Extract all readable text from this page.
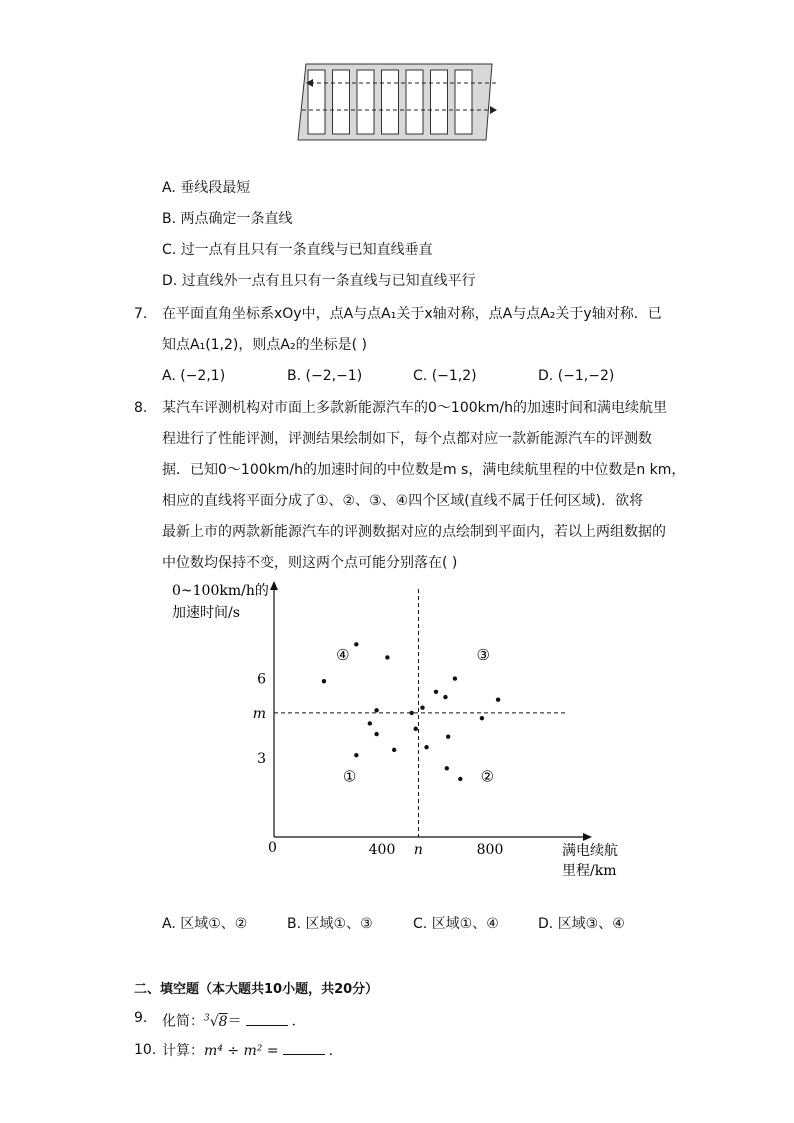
A. 垂线段最短
B. 两点确定一条直线
C. 过一点有且只有一条直线与已知直线垂直
D. 过直线外一点有且只有一条直线与已知直线平行
7. 在平面直角坐标系xOy中，点A与点A₁关于x轴对称，点A与点A₂关于y轴对称．已
知点A₁(1,2)，则点A₂的坐标是( )
A. (−2,1)	B. (−2,−1)	C. (−1,2)	D. (−1,−2)
8. 某汽车评测机构对市面上多款新能源汽车的0～100km/h的加速时间和满电续航里
程进行了性能评测，评测结果绘制如下，每个点都对应一款新能源汽车的评测数
据．已知0～100km/h的加速时间的中位数是m s，满电续航里程的中位数是n km，
相应的直线将平面分成了①、②、③、④四个区域(直线不属于任何区域)．欲将
最新上市的两款新能源汽车的评测数据对应的点绘制到平面内，若以上两组数据的
中位数均保持不变，则这两个点可能分别落在( )
0~100km/h的
加速时间/s
满电续航
里程/km
0	400	800
6
3
n
m
①	②
③
④
A. 区域①、②	B. 区域①、③	C. 区域①、④	D. 区域③、④
二、填空题（本大题共10小题，共20分）
9. 化简：$^3$√8＝	．
10. 计算：m⁴ ÷ m² =	.
